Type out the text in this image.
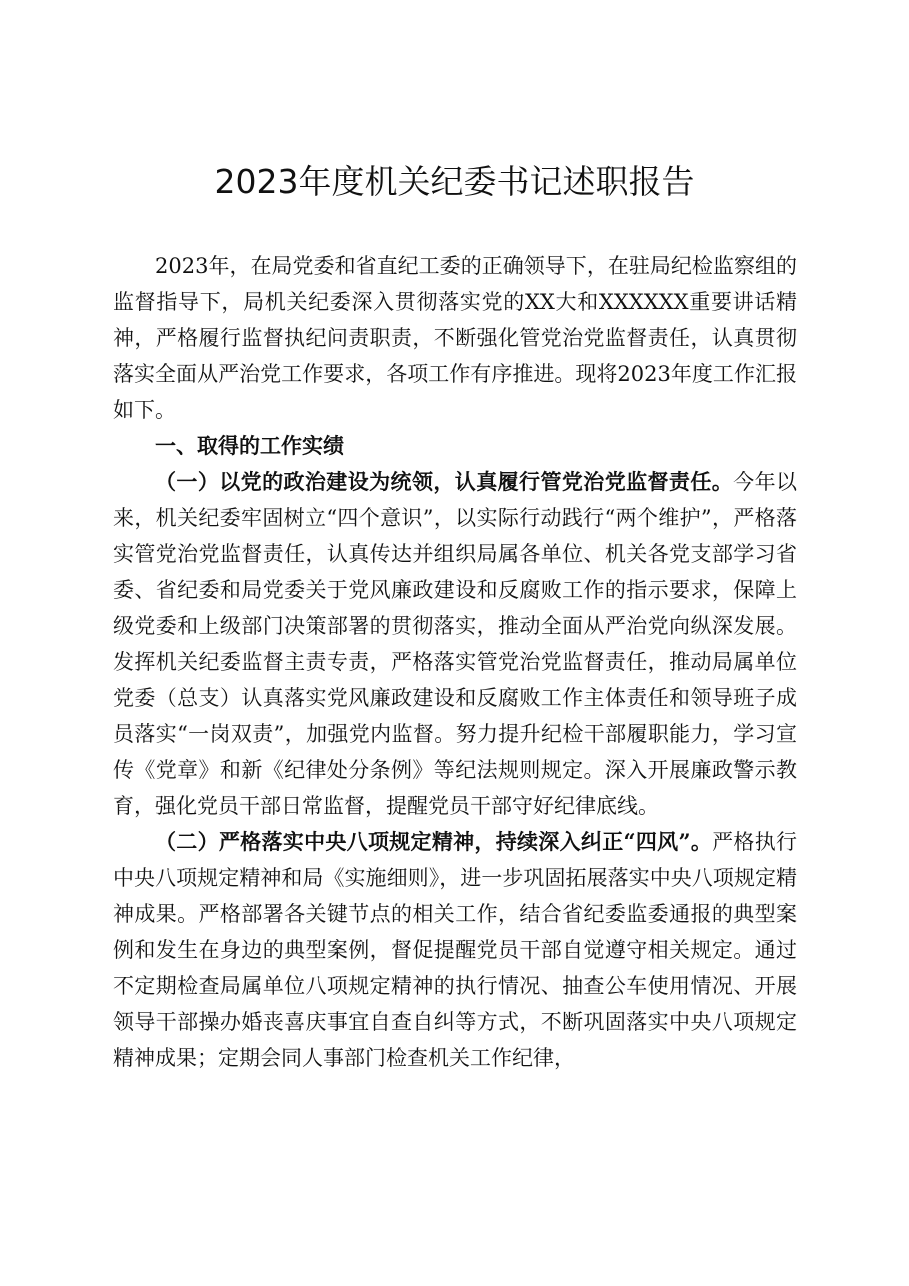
2023年度机关纪委书记述职报告

2023年，在局党委和省直纪工委的正确领导下，在驻局纪检监察组的监督指导下，局机关纪委深入贯彻落实党的XX大和XXXXXX重要讲话精神，严格履行监督执纪问责职责，不断强化管党治党监督责任，认真贯彻落实全面从严治党工作要求，各项工作有序推进。现将2023年度工作汇报如下。

一、取得的工作实绩

（一）以党的政治建设为统领，认真履行管党治党监督责任。今年以来，机关纪委牢固树立“四个意识”，以实际行动践行“两个维护”，严格落实管党治党监督责任，认真传达并组织局属各单位、机关各党支部学习省委、省纪委和局党委关于党风廉政建设和反腐败工作的指示要求，保障上级党委和上级部门决策部署的贯彻落实，推动全面从严治党向纵深发展。发挥机关纪委监督主责专责，严格落实管党治党监督责任，推动局属单位党委（总支）认真落实党风廉政建设和反腐败工作主体责任和领导班子成员落实“一岗双责”，加强党内监督。努力提升纪检干部履职能力，学习宣传《党章》和新《纪律处分条例》等纪法规则规定。深入开展廉政警示教育，强化党员干部日常监督，提醒党员干部守好纪律底线。

（二）严格落实中央八项规定精神，持续深入纠正“四风”。严格执行中央八项规定精神和局《实施细则》，进一步巩固拓展落实中央八项规定精神成果。严格部署各关键节点的相关工作，结合省纪委监委通报的典型案例和发生在身边的典型案例，督促提醒党员干部自觉遵守相关规定。通过不定期检查局属单位八项规定精神的执行情况、抽查公车使用情况、开展领导干部操办婚丧喜庆事宜自查自纠等方式，不断巩固落实中央八项规定精神成果；定期会同人事部门检查机关工作纪律，
